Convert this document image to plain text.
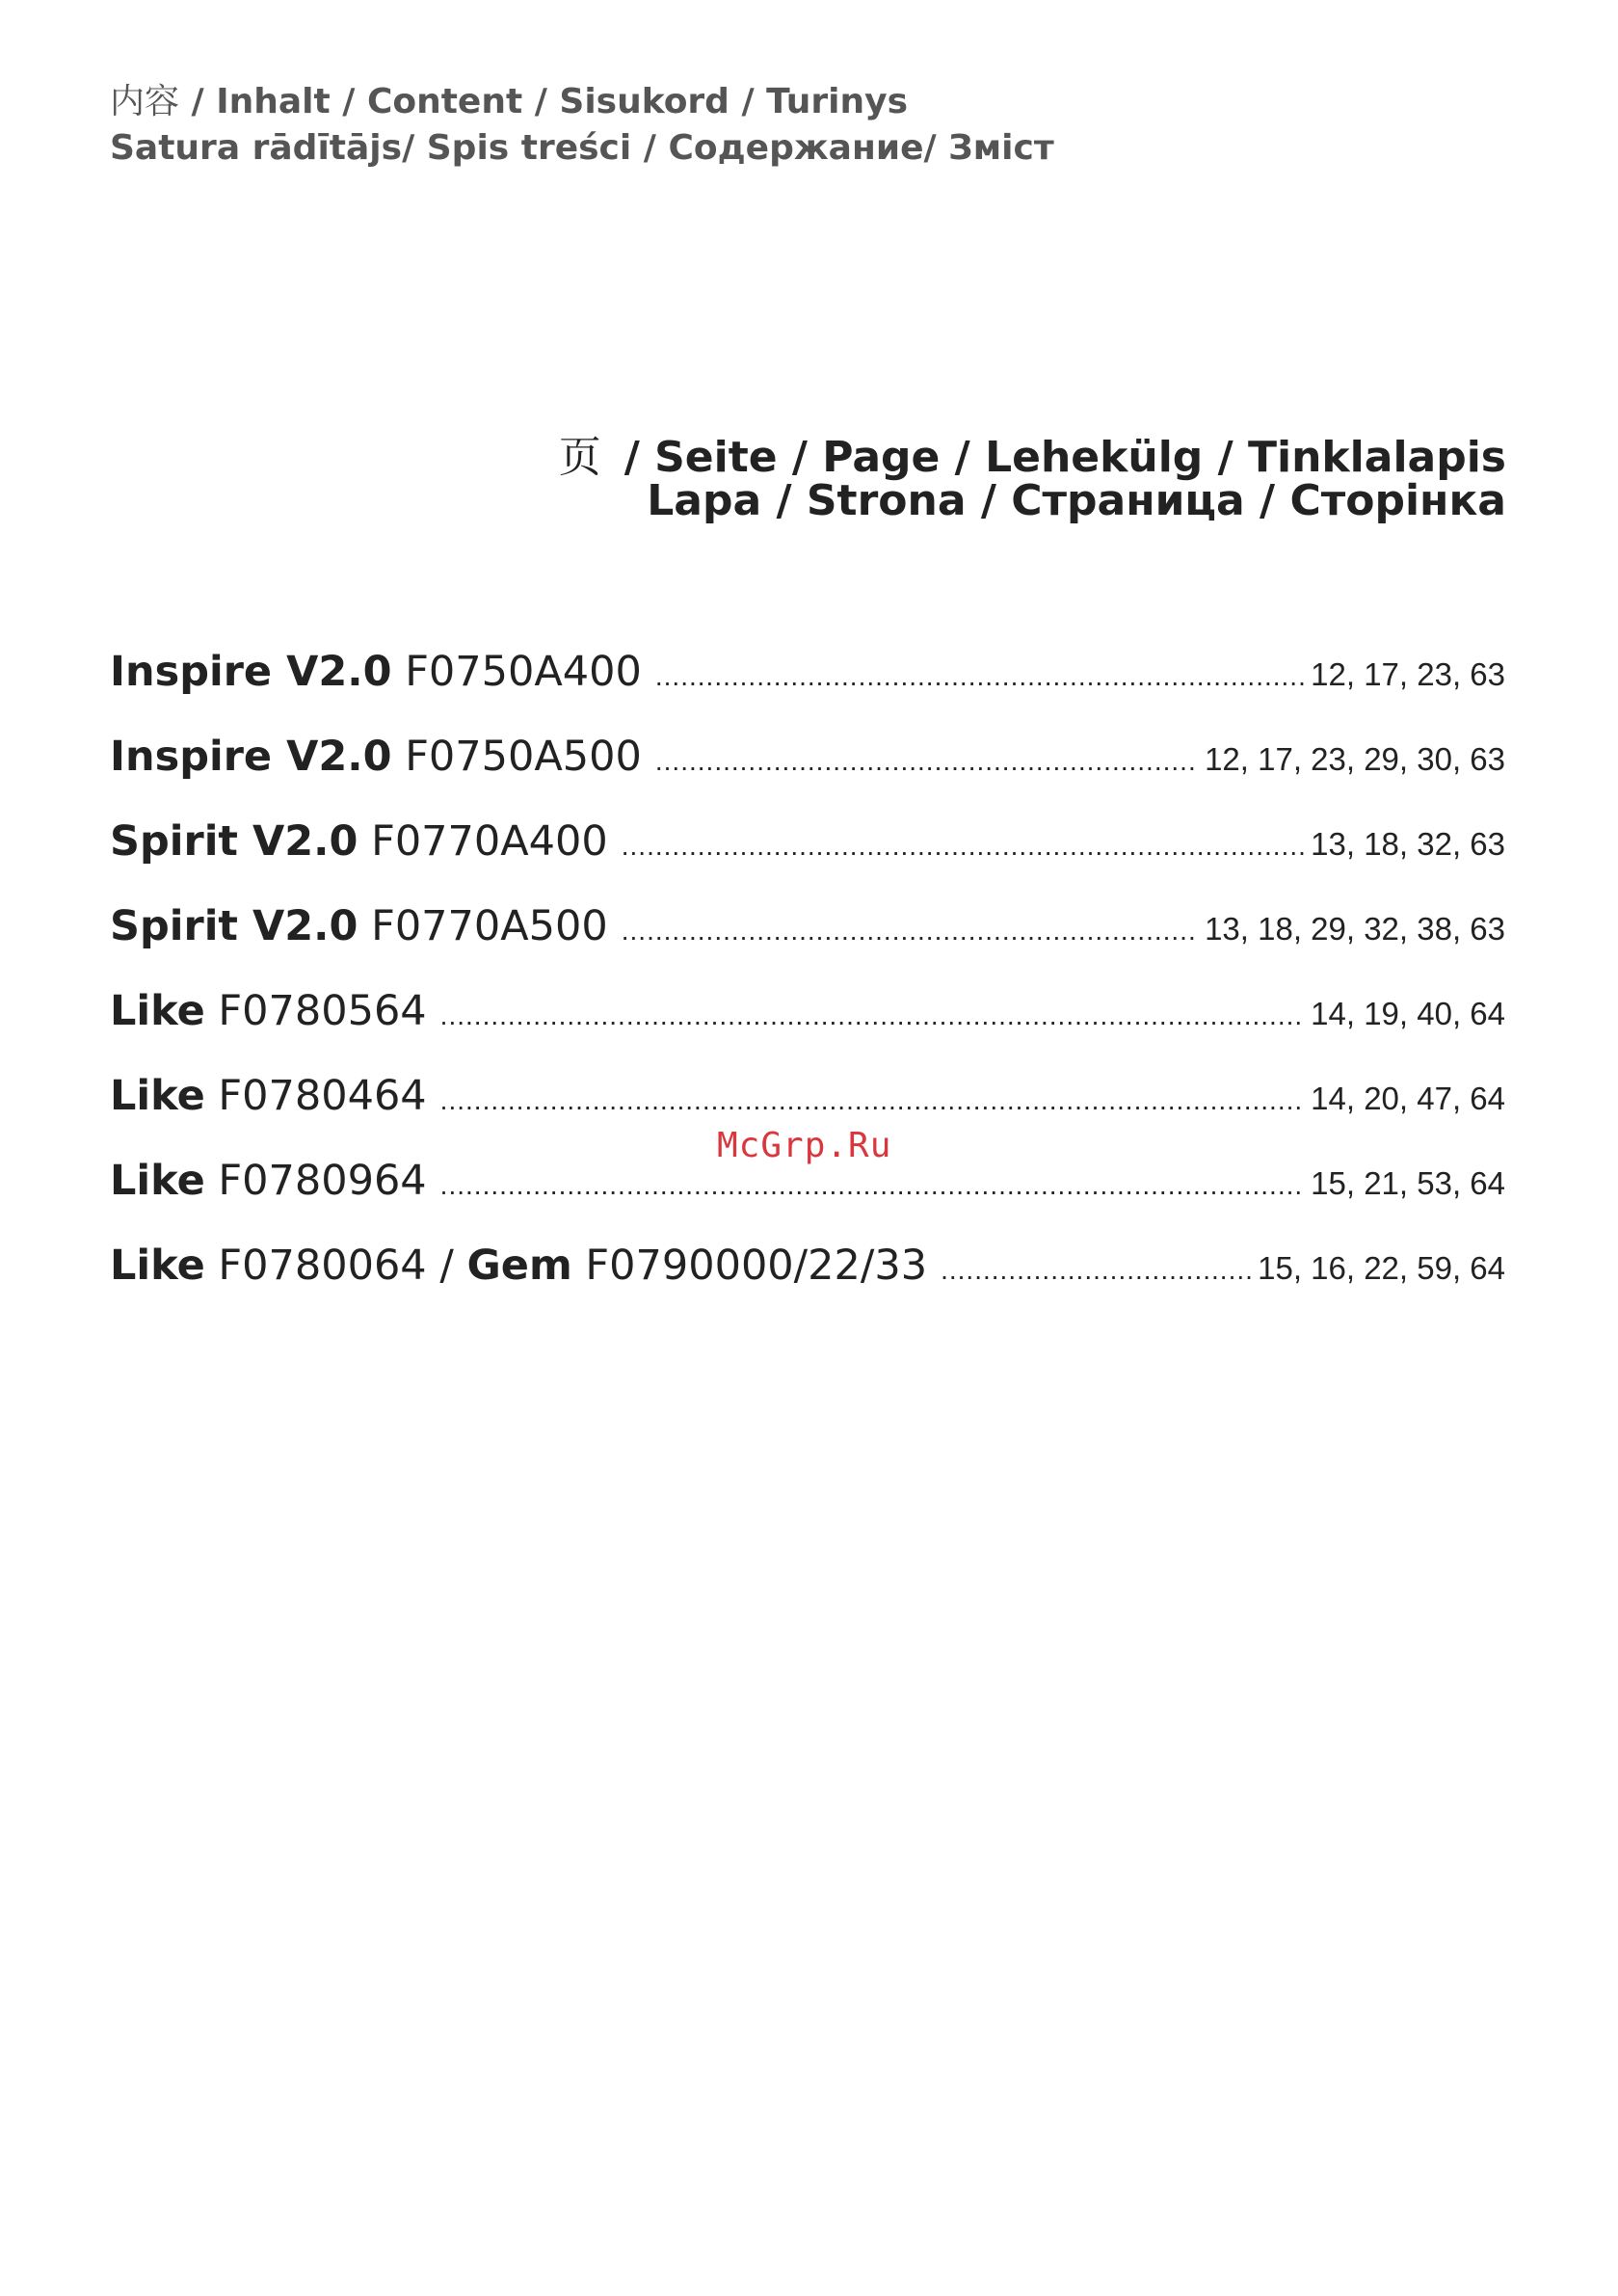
内容 / Inhalt / Content / Sisukord / Turinys
Satura rādītājs/ Spis treści / Содержание/ Зміст
页 / Seite / Page / Lehekülg / Tinklalapis
Lapa / Strona / Страница / Сторінка
Inspire V2.0 F0750A400 .....	12, 17, 23, 63
Inspire V2.0 F0750A500 .....	12, 17, 23, 29, 30, 63
Spirit V2.0 F0770A400 .....	13, 18, 32, 63
Spirit V2.0 F0770A500 .....	13, 18, 29, 32, 38, 63
Like F0780564 .....	14, 19, 40, 64
Like F0780464 .....	14, 20, 47, 64
Like F0780964 .....	15, 21, 53, 64
Like F0780064 / Gem F0790000/22/33 .....	15, 16, 22, 59, 64
McGrp.Ru
